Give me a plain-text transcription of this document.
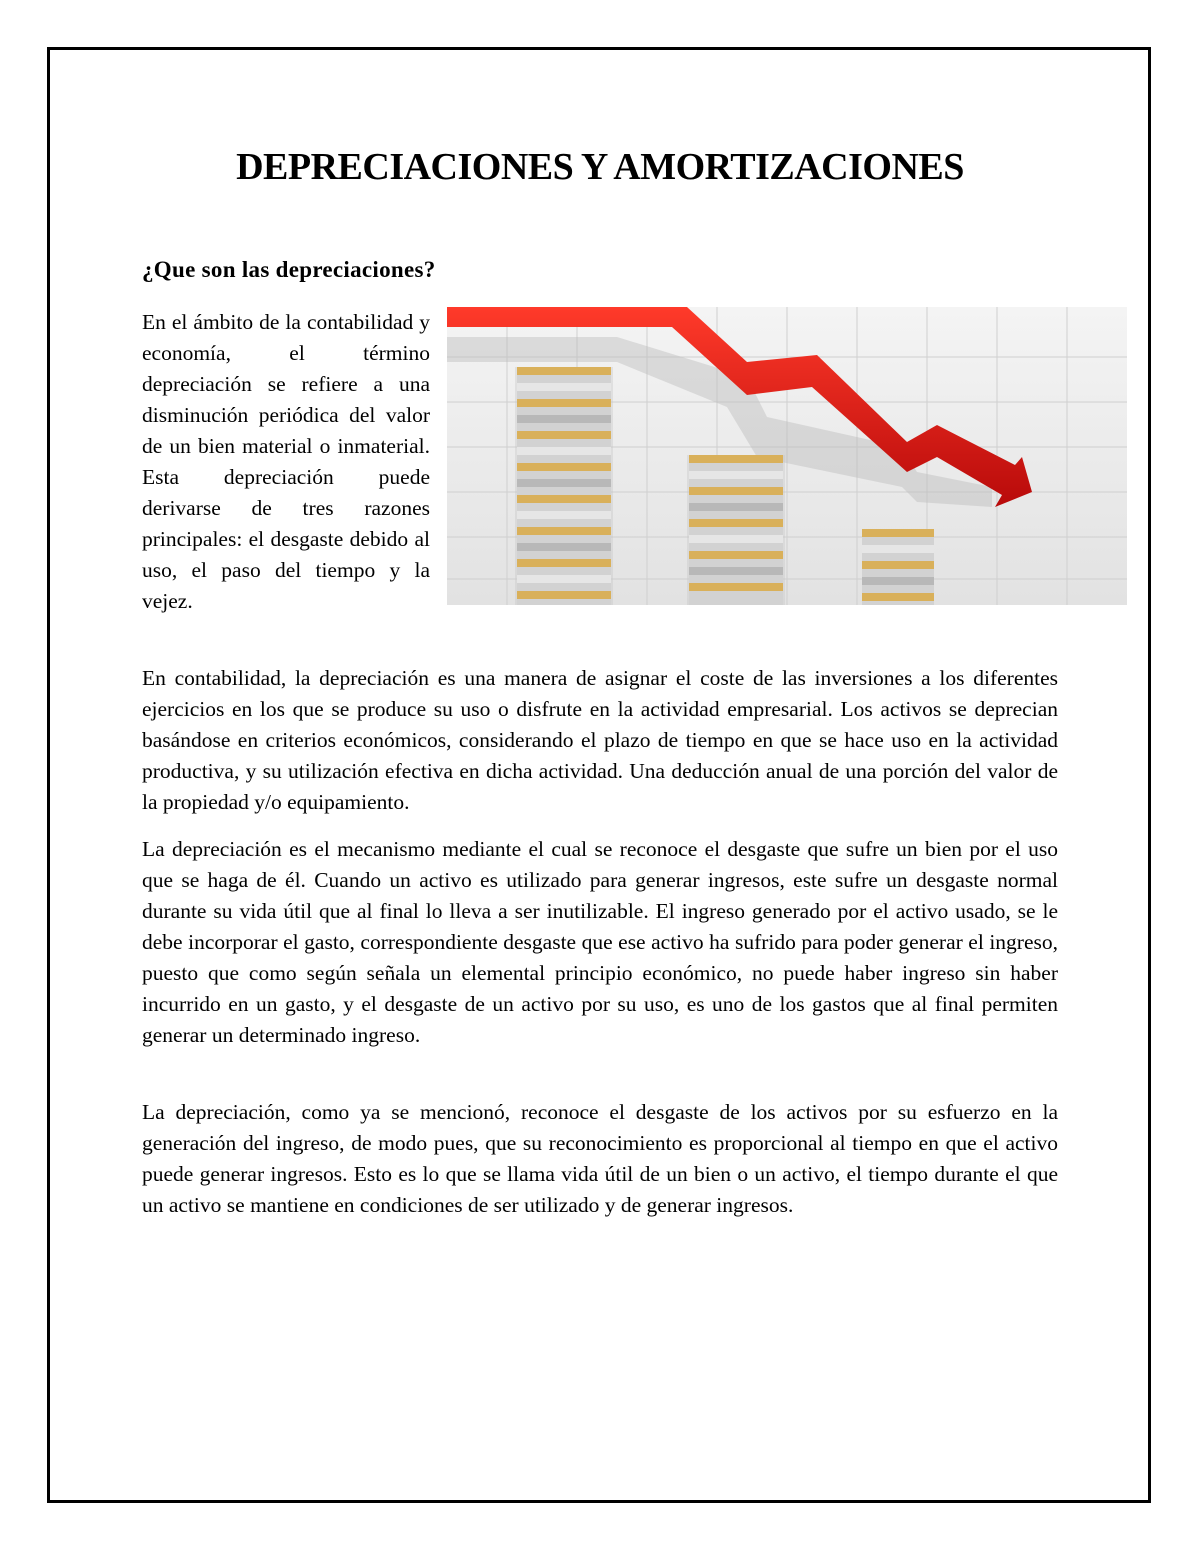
DEPRECIACIONES Y AMORTIZACIONES
¿Que son las depreciaciones?

En el ámbito de la contabilidad y economía, el término depreciación se refiere a una disminución periódica del valor de un bien material o inmaterial. Esta depreciación puede derivarse de tres razones principales: el desgaste debido al uso, el paso del tiempo y la vejez.

En contabilidad, la depreciación es una manera de asignar el coste de las inversiones a los diferentes ejercicios en los que se produce su uso o disfrute en la actividad empresarial. Los activos se deprecian basándose en criterios económicos, considerando el plazo de tiempo en que se hace uso en la actividad productiva, y su utilización efectiva en dicha actividad. Una deducción anual de una porción del valor de la propiedad y/o equipamiento.

La depreciación es el mecanismo mediante el cual se reconoce el desgaste que sufre un bien por el uso que se haga de él. Cuando un activo es utilizado para generar ingresos, este sufre un desgaste normal durante su vida útil que al final lo lleva a ser inutilizable. El ingreso generado por el activo usado, se le debe incorporar el gasto, correspondiente desgaste que ese activo ha sufrido para poder generar el ingreso, puesto que como según señala un elemental principio económico, no puede haber ingreso sin haber incurrido en un gasto, y el desgaste de un activo por su uso, es uno de los gastos que al final permiten generar un determinado ingreso.

La depreciación, como ya se mencionó, reconoce el desgaste de los activos por su esfuerzo en la generación del ingreso, de modo pues, que su reconocimiento es proporcional al tiempo en que el activo puede generar ingresos. Esto es lo que se llama vida útil de un bien o un activo, el tiempo durante el que un activo se mantiene en condiciones de ser utilizado y de generar ingresos.
